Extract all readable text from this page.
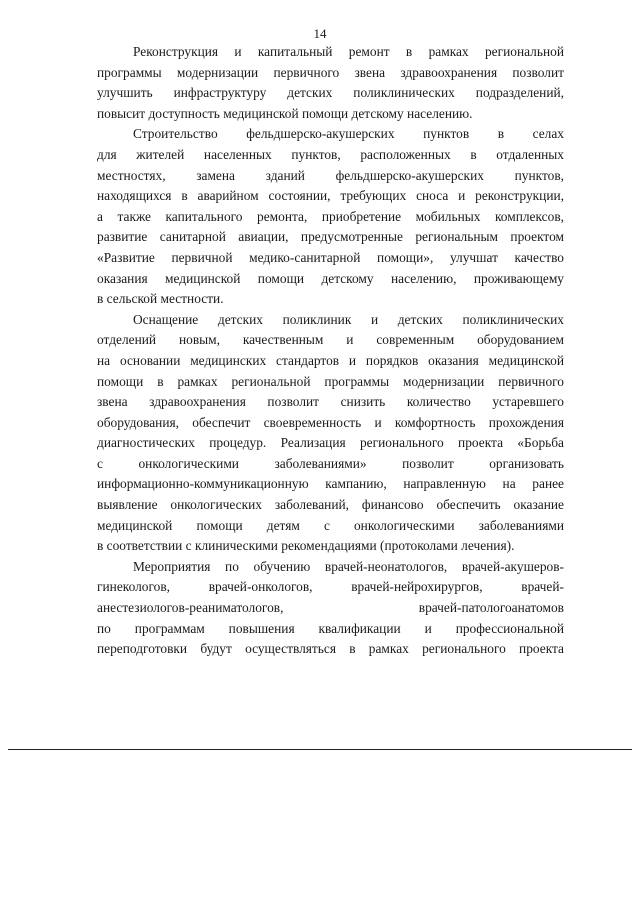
14

Реконструкция и капитальный ремонт в рамках региональной
программы модернизации первичного звена здравоохранения позволит
улучшить инфраструктуру детских поликлинических подразделений,
повысит доступность медицинской помощи детскому населению.

Строительство фельдшерско-акушерских пунктов в селах
для жителей населенных пунктов, расположенных в отдаленных
местностях, замена зданий фельдшерско-акушерских пунктов,
находящихся в аварийном состоянии, требующих сноса и реконструкции,
а также капитального ремонта, приобретение мобильных комплексов,
развитие санитарной авиации, предусмотренные региональным проектом
«Развитие первичной медико-санитарной помощи», улучшат качество
оказания медицинской помощи детскому населению, проживающему
в сельской местности.

Оснащение детских поликлиник и детских поликлинических
отделений новым, качественным и современным оборудованием
на основании медицинских стандартов и порядков оказания медицинской
помощи в рамках региональной программы модернизации первичного
звена здравоохранения позволит снизить количество устаревшего
оборудования, обеспечит своевременность и комфортность прохождения
диагностических процедур. Реализация регионального проекта «Борьба
с онкологическими заболеваниями» позволит организовать
информационно-коммуникационную кампанию, направленную на ранее
выявление онкологических заболеваний, финансово обеспечить оказание
медицинской помощи детям с онкологическими заболеваниями
в соответствии с клиническими рекомендациями (протоколами лечения).

Мероприятия по обучению врачей-неонатологов, врачей-акушеров-
гинекологов, врачей-онкологов, врачей-нейрохирургов, врачей-
анестезиологов-реаниматологов, врачей-патологоанатомов
по программам повышения квалификации и профессиональной
переподготовки будут осуществляться в рамках регионального проекта
